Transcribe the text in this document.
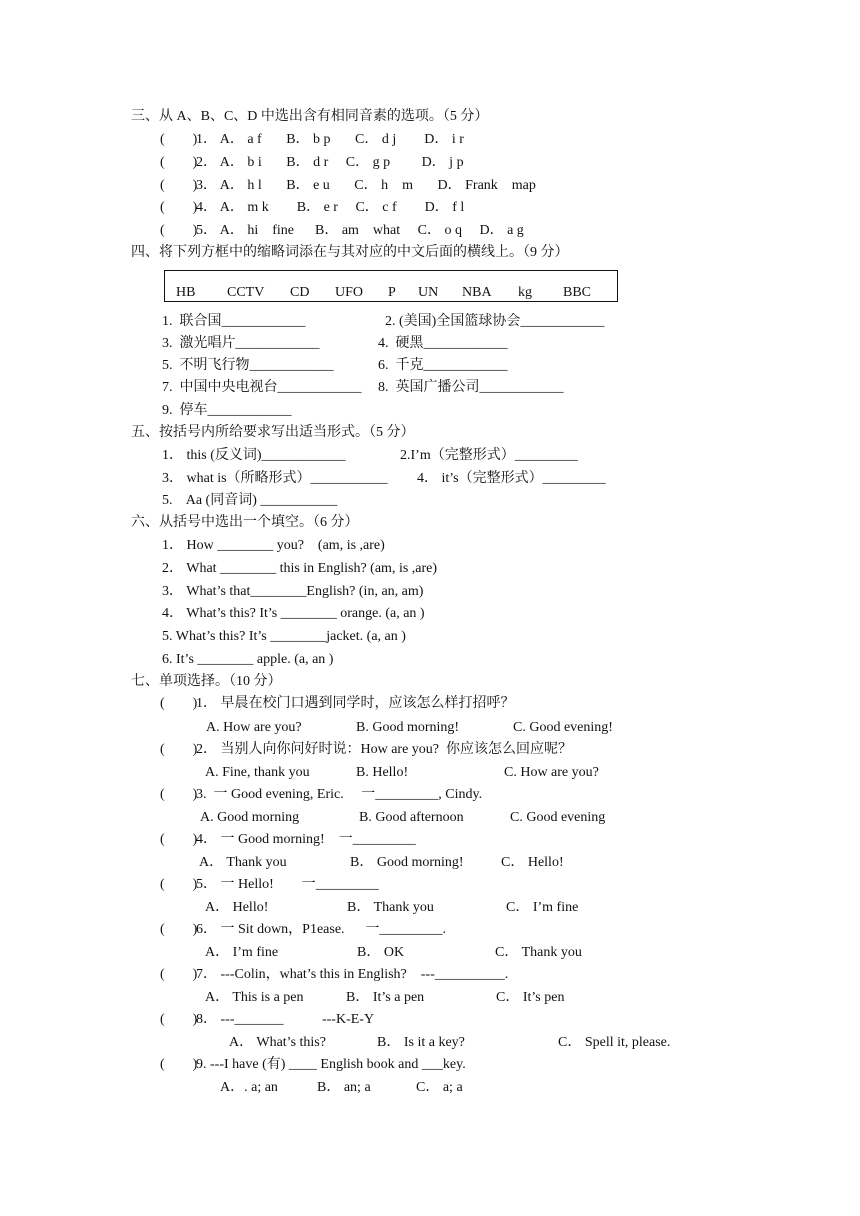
三、从 A、B、C、D 中选出含有相同音素的选项。（5 分）
(        )
1． A． a f       B． b p       C． d j        D． i r
(        )
2． A． b i       B． d r     C． g p         D． j p
(        )
3． A． h l       B． e u       C． h    m       D． Frank    map
(        )
4． A． m k        B． e r     C． c f        D． f l
(        )
5． A． hi    fine      B． am    what     C． o q     D． a g
四、将下列方框中的缩略词添在与其对应的中文后面的横线上。（9 分）
HB CCTV CD UFO P UN NBA kg BBC
1.  联合国____________	2. (美国)全国篮球协会____________
3.  激光唱片____________	4.  硬黑____________
5.  不明飞行物____________	6.  千克____________
7.  中国中央电视台____________ 8.  英国广播公司____________
9.  停车____________
五、按括号内所给要求写出适当形式。（5 分）
1． this (反义词)____________	2.I’m（完整形式）_________
3． what is（所略形式）___________ 4． it’s（完整形式）_________
5.    Aa (同音词) ___________
六、从括号中选出一个填空。（6 分）
1． How ________ you?    (am, is ,are)
2． What ________ this in English? (am, is ,are)
3． What’s that________English? (in, an, am)
4． What’s this? It’s ________ orange. (a, an )
5. What’s this? It’s ________jacket. (a, an )
6. It’s ________ apple. (a, an )
七、单项选择。（10 分）
(        )
1． 早晨在校门口遇到同学时，应该怎么样打招呼？
A. How are you?	B. Good morning!	C. Good evening!
(        )
2． 当别人向你问好时说：How are you?  你应该怎么回应呢？
A. Fine, thank you	B. Hello!	C. How are you?
(        )
3.  一 Good evening, Eric.     一_________, Cindy.
A. Good morning	B. Good afternoon	C. Good evening
(        )
4． 一 Good morning!    一_________
A． Thank you	B． Good morning!	C． Hello!
(        )
5． 一 Hello!        一_________
A． Hello!	B． Thank you	C． I’m fine
(        )
6． 一 Sit down，P1ease.      一_________.
A． I’m fine	B． OK	C． Thank you
(        )
7． ---Colin，what’s this in English?    ---__________.
A． This is a pen	B． It’s a pen	C． It’s pen
(        )
8． ---_______           ---K-E-Y
A． What’s this?	B． Is it a key?	C． Spell it, please.
(        )
9. ---I have (有) ____ English book and ___key.
A．. a; an	B． an; a	C． a; a
